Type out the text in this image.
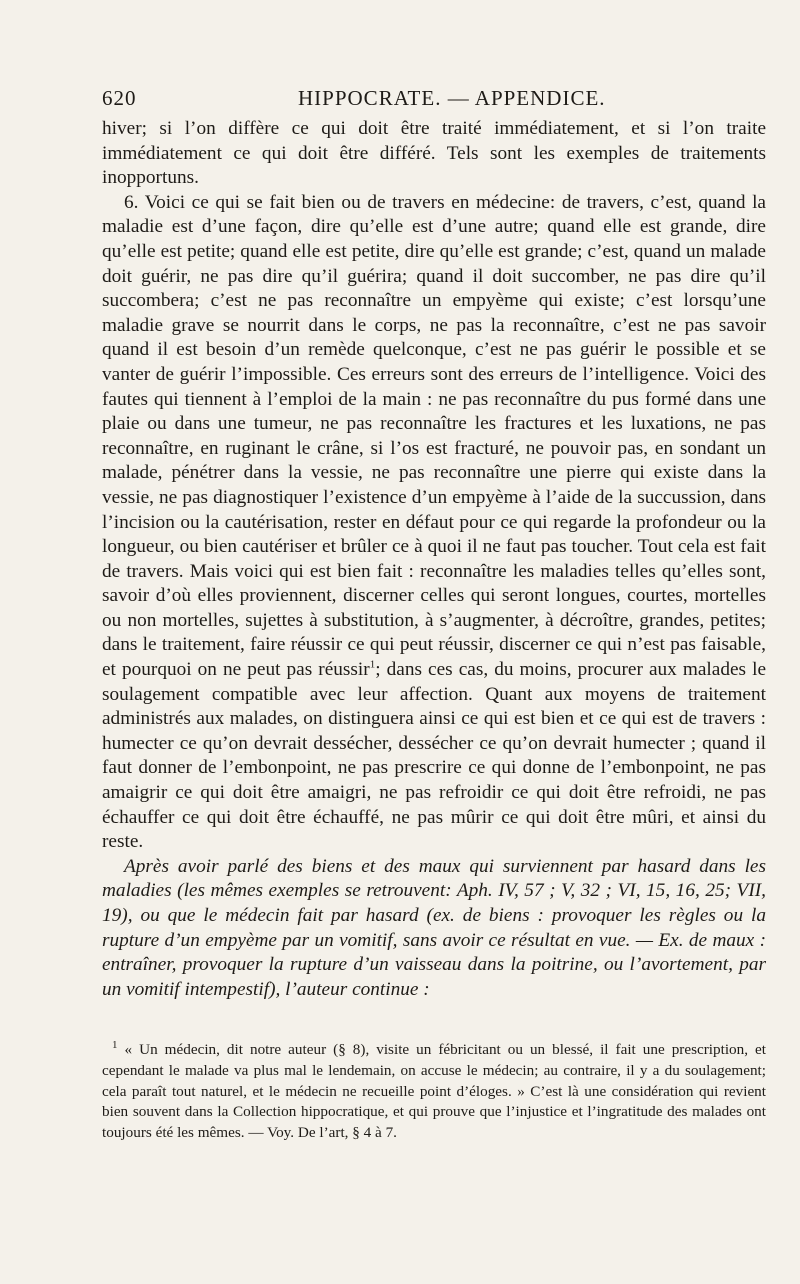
620	HIPPOCRATE. — APPENDICE.

hiver; si l’on diffère ce qui doit être traité immédiatement, et si l’on traite immédiatement ce qui doit être différé. Tels sont les exemples de traitements inopportuns.

6. Voici ce qui se fait bien ou de travers en médecine: de travers, c’est, quand la maladie est d’une façon, dire qu’elle est d’une autre; quand elle est grande, dire qu’elle est petite; quand elle est petite, dire qu’elle est grande; c’est, quand un malade doit guérir, ne pas dire qu’il guérira; quand il doit succomber, ne pas dire qu’il succombera; c’est ne pas reconnaître un empyème qui existe; c’est lorsqu’une maladie grave se nourrit dans le corps, ne pas la reconnaître, c’est ne pas savoir quand il est besoin d’un remède quelconque, c’est ne pas guérir le possible et se vanter de guérir l’impossible. Ces erreurs sont des erreurs de l’intelligence. Voici des fautes qui tiennent à l’emploi de la main : ne pas reconnaître du pus formé dans une plaie ou dans une tumeur, ne pas reconnaître les fractures et les luxations, ne pas reconnaître, en ruginant le crâne, si l’os est fracturé, ne pouvoir pas, en sondant un malade, pénétrer dans la vessie, ne pas reconnaître une pierre qui existe dans la vessie, ne pas diagnostiquer l’existence d’un empyème à l’aide de la succussion, dans l’incision ou la cautérisation, rester en défaut pour ce qui regarde la profondeur ou la longueur, ou bien cautériser et brûler ce à quoi il ne faut pas toucher. Tout cela est fait de travers. Mais voici qui est bien fait : reconnaître les maladies telles qu’elles sont, savoir d’où elles proviennent, discerner celles qui seront longues, courtes, mortelles ou non mortelles, sujettes à substitution, à s’augmenter, à décroître, grandes, petites; dans le traitement, faire réussir ce qui peut réussir, discerner ce qui n’est pas faisable, et pourquoi on ne peut pas réussir$^1$; dans ces cas, du moins, procurer aux malades le soulagement compatible avec leur affection. Quant aux moyens de traitement administrés aux malades, on distinguera ainsi ce qui est bien et ce qui est de travers : humecter ce qu’on devrait dessécher, dessécher ce qu’on devrait humecter ; quand il faut donner de l’embonpoint, ne pas prescrire ce qui donne de l’embonpoint, ne pas amaigrir ce qui doit être amaigri, ne pas refroidir ce qui doit être refroidi, ne pas échauffer ce qui doit être échauffé, ne pas mûrir ce qui doit être mûri, et ainsi du reste.

Après avoir parlé des biens et des maux qui surviennent par hasard dans les maladies (les mêmes exemples se retrouvent: Aph. IV, 57 ; V, 32 ; VI, 15, 16, 25; VII, 19), ou que le médecin fait par hasard (ex. de biens : provoquer les règles ou la rupture d’un empyème par un vomitif, sans avoir ce résultat en vue. — Ex. de maux : entraîner, provoquer la rupture d’un vaisseau dans la poitrine, ou l’avortement, par un vomitif intempestif), l’auteur continue :

$^1$ « Un médecin, dit notre auteur (§ 8), visite un fébricitant ou un blessé, il fait une prescription, et cependant le malade va plus mal le lendemain, on accuse le médecin; au contraire, il y a du soulagement; cela paraît tout naturel, et le médecin ne recueille point d’éloges. » C’est là une considération qui revient bien souvent dans la Collection hippocratique, et qui prouve que l’injustice et l’ingratitude des malades ont toujours été les mêmes. — Voy. De l’art, § 4 à 7.
